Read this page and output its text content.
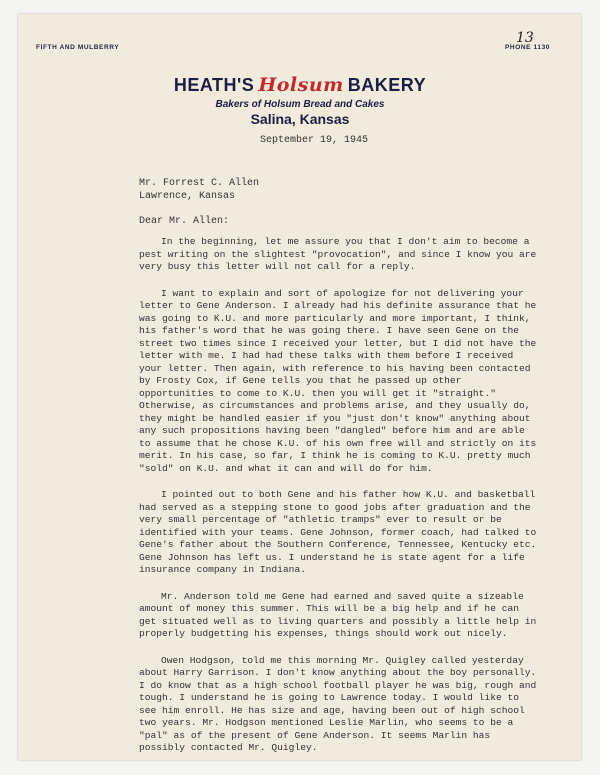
FIFTH AND MULBERRY	PHONE 1130
13
HEATH'S Holsum BAKERY
Bakers of Holsum Bread and Cakes
Salina, Kansas
September 19, 1945
Mr. Forrest C. Allen
Lawrence, Kansas
Dear Mr. Allen:

In the beginning, let me assure you that I don't aim to become a pest writing on the slightest "provocation", and since I know you are very busy this letter will not call for a reply.

I want to explain and sort of apologize for not delivering your letter to Gene Anderson. I already had his definite assurance that he was going to K.U. and more particularly and more important, I think, his father's word that he was going there. I have seen Gene on the street two times since I received your letter, but I did not have the letter with me. I had had these talks with them before I received your letter. Then again, with reference to his having been contacted by Frosty Cox, if Gene tells you that he passed up other opportunities to come to K.U. then you will get it "straight." Otherwise, as circumstances and problems arise, and they usually do, they might be handled easier if you "just don't know" anything about any such propositions having been "dangled" before him and are able to assume that he chose K.U. of his own free will and strictly on its merit. In his case, so far, I think he is coming to K.U. pretty much "sold" on K.U. and what it can and will do for him.

I pointed out to both Gene and his father how K.U. and basketball had served as a stepping stone to good jobs after graduation and the very small percentage of "athletic tramps" ever to result or be identified with your teams. Gene Johnson, former coach, had talked to Gene's father about the Southern Conference, Tennessee, Kentucky etc. Gene Johnson has left us. I understand he is state agent for a life insurance company in Indiana.

Mr. Anderson told me Gene had earned and saved quite a sizeable amount of money this summer. This will be a big help and if he can get situated well as to living quarters and possibly a little help in properly budgetting his expenses, things should work out nicely.

Owen Hodgson, told me this morning Mr. Quigley called yesterday about Harry Garrison. I don't know anything about the boy personally. I do know that as a high school football player he was big, rough and tough. I understand he is going to Lawrence today. I would like to see him enroll. He has size and age, having been out of high school two years. Mr. Hodgson mentioned Leslie Marlin, who seems to be a "pal" as of the present of Gene Anderson. It seems Marlin has possibly contacted Mr. Quigley.
